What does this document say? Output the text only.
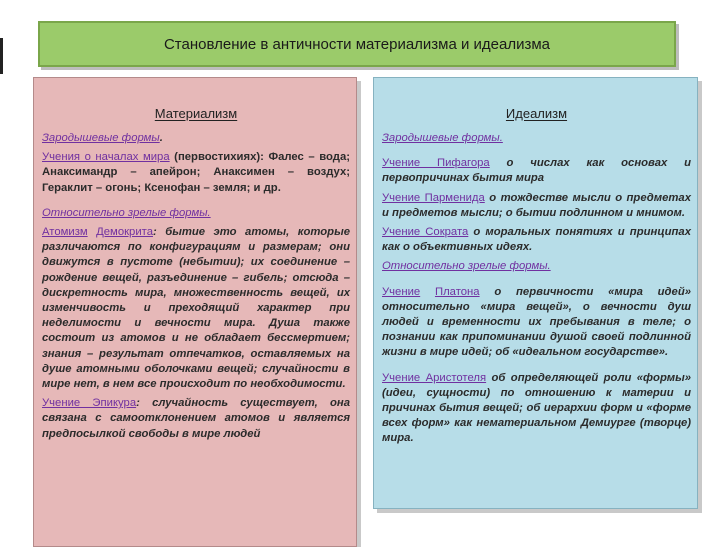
Становление в античности материализма и идеализма
Материализм

Зародышевые формы.

Учения о началах мира (первостихиях): Фалес – вода; Анаксимандр – апейрон; Анаксимен – воздух; Гераклит – огонь; Ксенофан – земля; и др.

Относительно зрелые формы.

Атомизм Демокрита: бытие это атомы, которые различаются по конфигурациям и размерам; они движутся в пустоте (небытии); их соединение – рождение вещей, разъединение – гибель; отсюда – дискретность мира, множественность вещей, их изменчивость и преходящий характер при неделимости и вечности мира. Душа также состоит из атомов и не обладает бессмертием; знания – результат отпечатков, оставляемых на душе атомными оболочками вещей; случайности в мире нет, в нем все происходит по необходимости.

Учение Эпикура: случайность существует, она связана с самоотклонением атомов и является предпосылкой свободы в мире людей

Идеализм

Зародышевые формы.

Учение Пифагора о числах как основах и первопричинах бытия мира

Учение Парменида о тождестве мысли о предметах и предметов мысли; о бытии подлинном и мнимом.

Учение Сократа о моральных понятиях и принципах как о объективных идеях.

Относительно зрелые формы.

Учение Платона о первичности «мира идей» относительно «мира вещей», о вечности душ людей и временности их пребывания в теле; о познании как припоминании душой своей подлинной жизни в мире идей; об «идеальном государстве».

Учение Аристотеля об определяющей роли «формы» (идеи, сущности) по отношению к материи и причинах бытия вещей; об иерархии форм и «форме всех форм» как нематериальном Демиурге (творце) мира.
